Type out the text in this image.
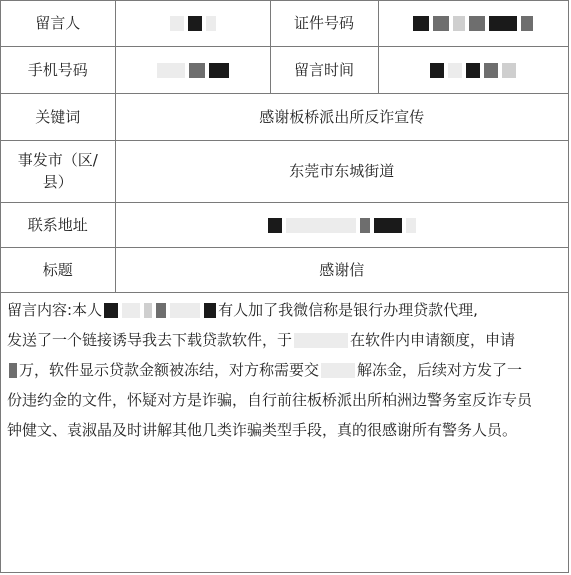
留言人		证件号码	
手机号码		留言时间	
关键词	感谢板桥派出所反诈宣传		
事发市（区/
县）	东莞市东城街道		
联系地址			
标题	感谢信		
留言内容:本人	有人加了我微信称是银行办理贷款代理,
发送了一个链接诱导我去下载贷款软件，于	在软件内申请额度，申请
万，软件显示贷款金额被冻结，对方称需要交	解冻金，后续对方发了一
份违约金的文件，怀疑对方是诈骗，自行前往板桥派出所柏洲边警务室反诈专员
钟健文、袁淑晶及时讲解其他几类诈骗类型手段，真的很感谢所有警务人员。
